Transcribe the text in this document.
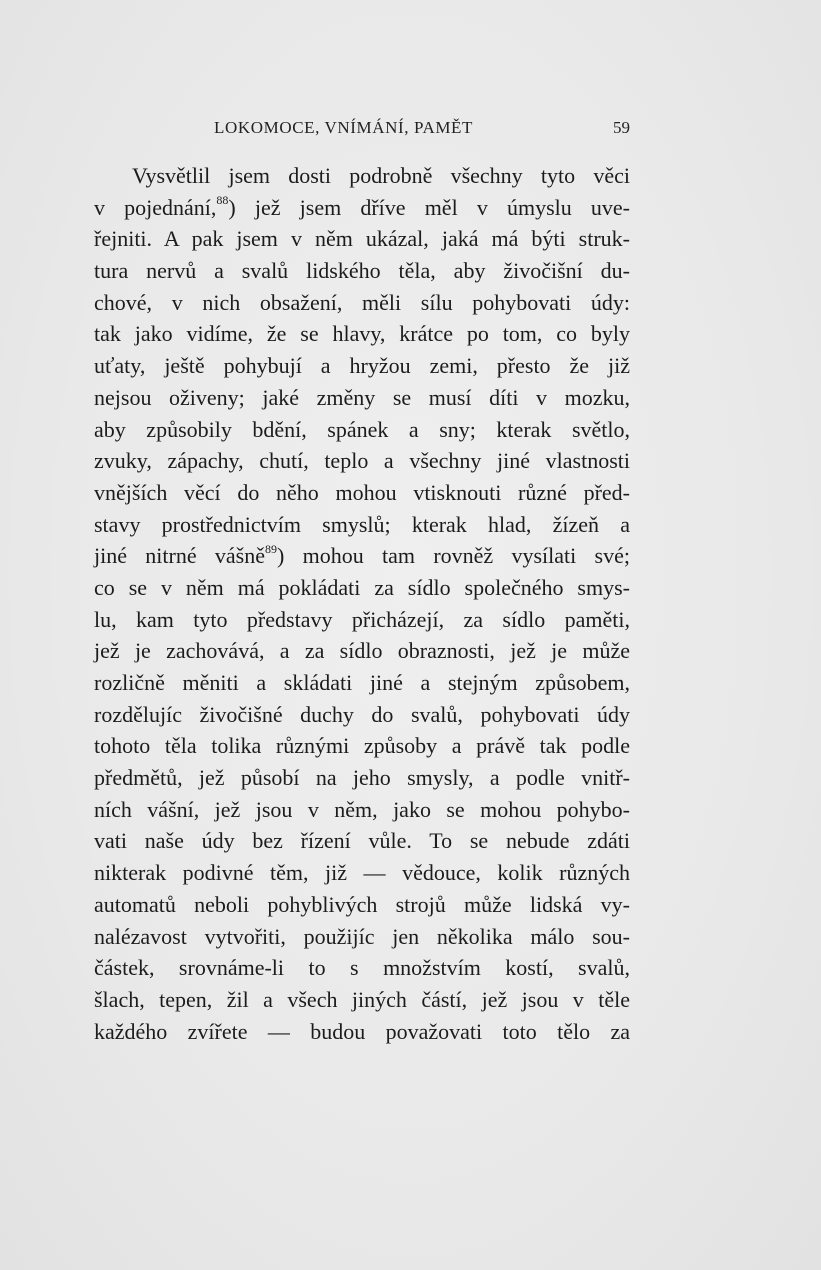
LOKOMOCE, VNÍMÁNÍ, PAMĚT	59
Vysvětlil jsem dosti podrobně všechny tyto věci
v pojednání,$^{88}$) jež jsem dříve měl v úmyslu uve-
řejniti. A pak jsem v něm ukázal, jaká má býti struk-
tura nervů a svalů lidského těla, aby živočišní du-
chové, v nich obsažení, měli sílu pohybovati údy:
tak jako vidíme, že se hlavy, krátce po tom, co byly
uťaty, ještě pohybují a hryžou zemi, přesto že již
nejsou oživeny; jaké změny se musí díti v mozku,
aby způsobily bdění, spánek a sny; kterak světlo,
zvuky, zápachy, chutí, teplo a všechny jiné vlastnosti
vnějších věcí do něho mohou vtisknouti různé před-
stavy prostřednictvím smyslů; kterak hlad, žízeň a
jiné nitrné vášně$^{89}$) mohou tam rovněž vysílati své;
co se v něm má pokládati za sídlo společného smys-
lu, kam tyto představy přicházejí, za sídlo paměti,
jež je zachovává, a za sídlo obraznosti, jež je může
rozličně měniti a skládati jiné a stejným způsobem,
rozdělujíc živočišné duchy do svalů, pohybovati údy
tohoto těla tolika různými způsoby a právě tak podle
předmětů, jež působí na jeho smysly, a podle vnitř-
ních vášní, jež jsou v něm, jako se mohou pohybo-
vati naše údy bez řízení vůle. To se nebude zdáti
nikterak podivné těm, již — vědouce, kolik různých
automatů neboli pohyblivých strojů může lidská vy-
nalézavost vytvořiti, použijíc jen několika málo sou-
částek, srovnáme-li to s množstvím kostí, svalů,
šlach, tepen, žil a všech jiných částí, jež jsou v těle
každého zvířete — budou považovati toto tělo za
